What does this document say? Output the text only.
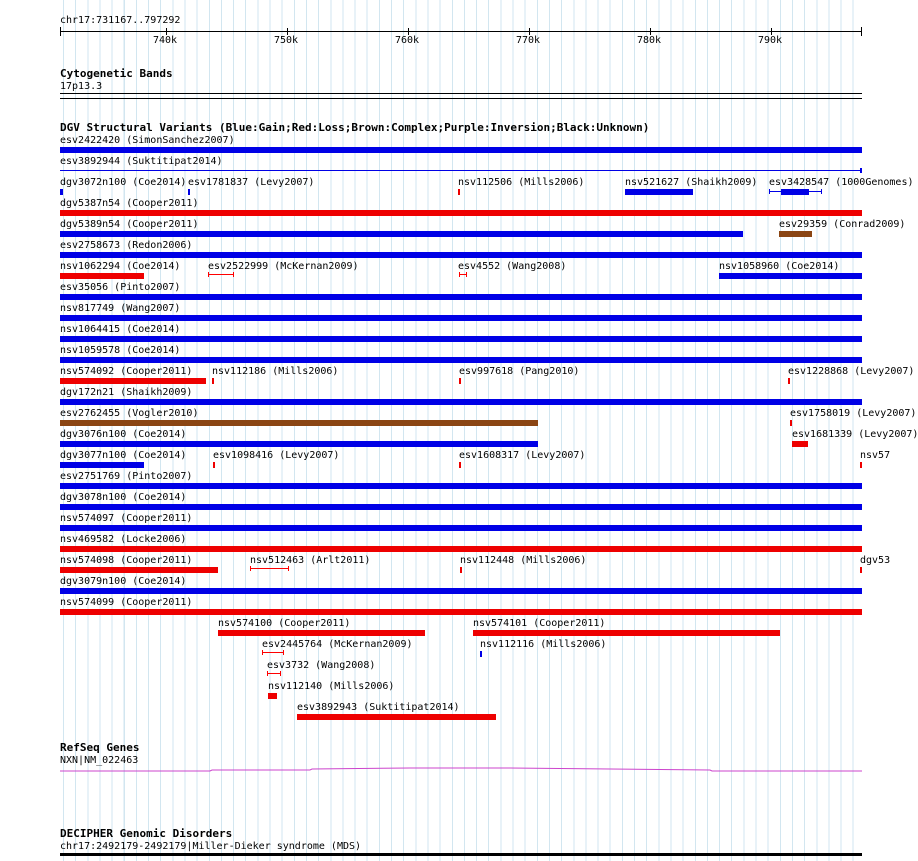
chr17:731167..797292
740k	750k	760k	770k	780k	790k
Cytogenetic Bands
17p13.3
DGV Structural Variants (Blue:Gain;Red:Loss;Brown:Complex;Purple:Inversion;Black:Unknown)
esv2422420 (SimonSanchez2007)
esv3892944 (Suktitipat2014)
dgv3072n100 (Coe2014) esv1781837 (Levy2007)	nsv112506 (Mills2006)	nsv521627 (Shaikh2009) esv3428547 (1000Genomes)
dgv5387n54 (Cooper2011)
dgv5389n54 (Cooper2011)	esv29359 (Conrad2009)
esv2758673 (Redon2006)
nsv1062294 (Coe2014)	esv2522999 (McKernan2009)	esv4552 (Wang2008)	nsv1058960 (Coe2014)
esv35056 (Pinto2007)
nsv817749 (Wang2007)
nsv1064415 (Coe2014)
nsv1059578 (Coe2014)
nsv574092 (Cooper2011) nsv112186 (Mills2006)	esv997618 (Pang2010)	esv1228868 (Levy2007)
dgv172n21 (Shaikh2009)
esv2762455 (Vogler2010)	esv1758019 (Levy2007)
dgv3076n100 (Coe2014)	esv1681339 (Levy2007)
dgv3077n100 (Coe2014)	esv1098416 (Levy2007)	esv1608317 (Levy2007)	nsv57
esv2751769 (Pinto2007)
dgv3078n100 (Coe2014)
nsv574097 (Cooper2011)
nsv469582 (Locke2006)
nsv574098 (Cooper2011)	nsv512463 (Arlt2011)	nsv112448 (Mills2006)	dgv53
dgv3079n100 (Coe2014)
nsv574099 (Cooper2011)
nsv574100 (Cooper2011)	nsv574101 (Cooper2011)
esv2445764 (McKernan2009)	nsv112116 (Mills2006)
esv3732 (Wang2008)
nsv112140 (Mills2006)
esv3892943 (Suktitipat2014)
RefSeq Genes
NXN|NM_022463
DECIPHER Genomic Disorders
chr17:2492179-2492179|Miller-Dieker syndrome (MDS)
